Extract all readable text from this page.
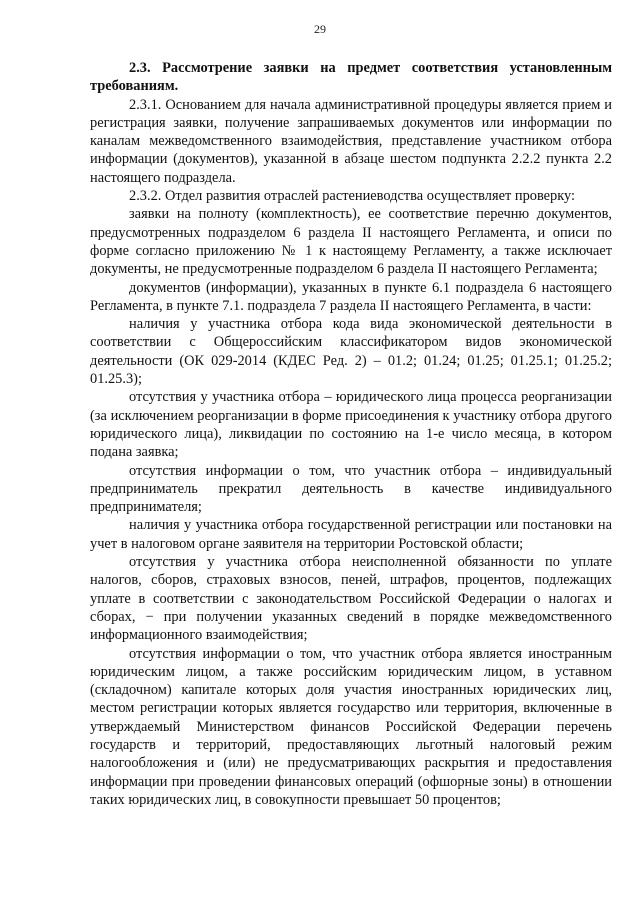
29

2.3. Рассмотрение заявки на предмет соответствия установленным требованиям.

2.3.1. Основанием для начала административной процедуры является прием и регистрация заявки, получение запрашиваемых документов или информации по каналам межведомственного взаимодействия, представление участником отбора информации (документов), указанной в абзаце шестом подпункта 2.2.2 пункта 2.2 настоящего подраздела.

2.3.2. Отдел развития отраслей растениеводства осуществляет проверку:

заявки на полноту (комплектность), ее соответствие перечню документов, предусмотренных подразделом 6 раздела II настоящего Регламента, и описи по форме согласно приложению № 1 к настоящему Регламенту, а также исключает документы, не предусмотренные подразделом 6 раздела II настоящего Регламента;

документов (информации), указанных в пункте 6.1 подраздела 6 настоящего Регламента, в пункте 7.1. подраздела 7 раздела II настоящего Регламента, в части:

наличия у участника отбора кода вида экономической деятельности в соответствии с Общероссийским классификатором видов экономической деятельности (ОК 029-2014 (КДЕС Ред. 2) – 01.2; 01.24; 01.25; 01.25.1; 01.25.2; 01.25.3);

отсутствия у участника отбора – юридического лица процесса реорганизации (за исключением реорганизации в форме присоединения к участнику отбора другого юридического лица), ликвидации по состоянию на 1-е число месяца, в котором подана заявка;

отсутствия информации о том, что участник отбора – индивидуальный предприниматель прекратил деятельность в качестве индивидуального предпринимателя;

наличия у участника отбора государственной регистрации или постановки на учет в налоговом органе заявителя на территории Ростовской области;

отсутствия у участника отбора неисполненной обязанности по уплате налогов, сборов, страховых взносов, пеней, штрафов, процентов, подлежащих уплате в соответствии с законодательством Российской Федерации о налогах и сборах, − при получении указанных сведений в порядке межведомственного информационного взаимодействия;

отсутствия информации о том, что участник отбора является иностранным юридическим лицом, а также российским юридическим лицом, в уставном (складочном) капитале которых доля участия иностранных юридических лиц, местом регистрации которых является государство или территория, включенные в утверждаемый Министерством финансов Российской Федерации перечень государств и территорий, предоставляющих льготный налоговый режим налогообложения и (или) не предусматривающих раскрытия и предоставления информации при проведении финансовых операций (офшорные зоны) в отношении таких юридических лиц, в совокупности превышает 50 процентов;
